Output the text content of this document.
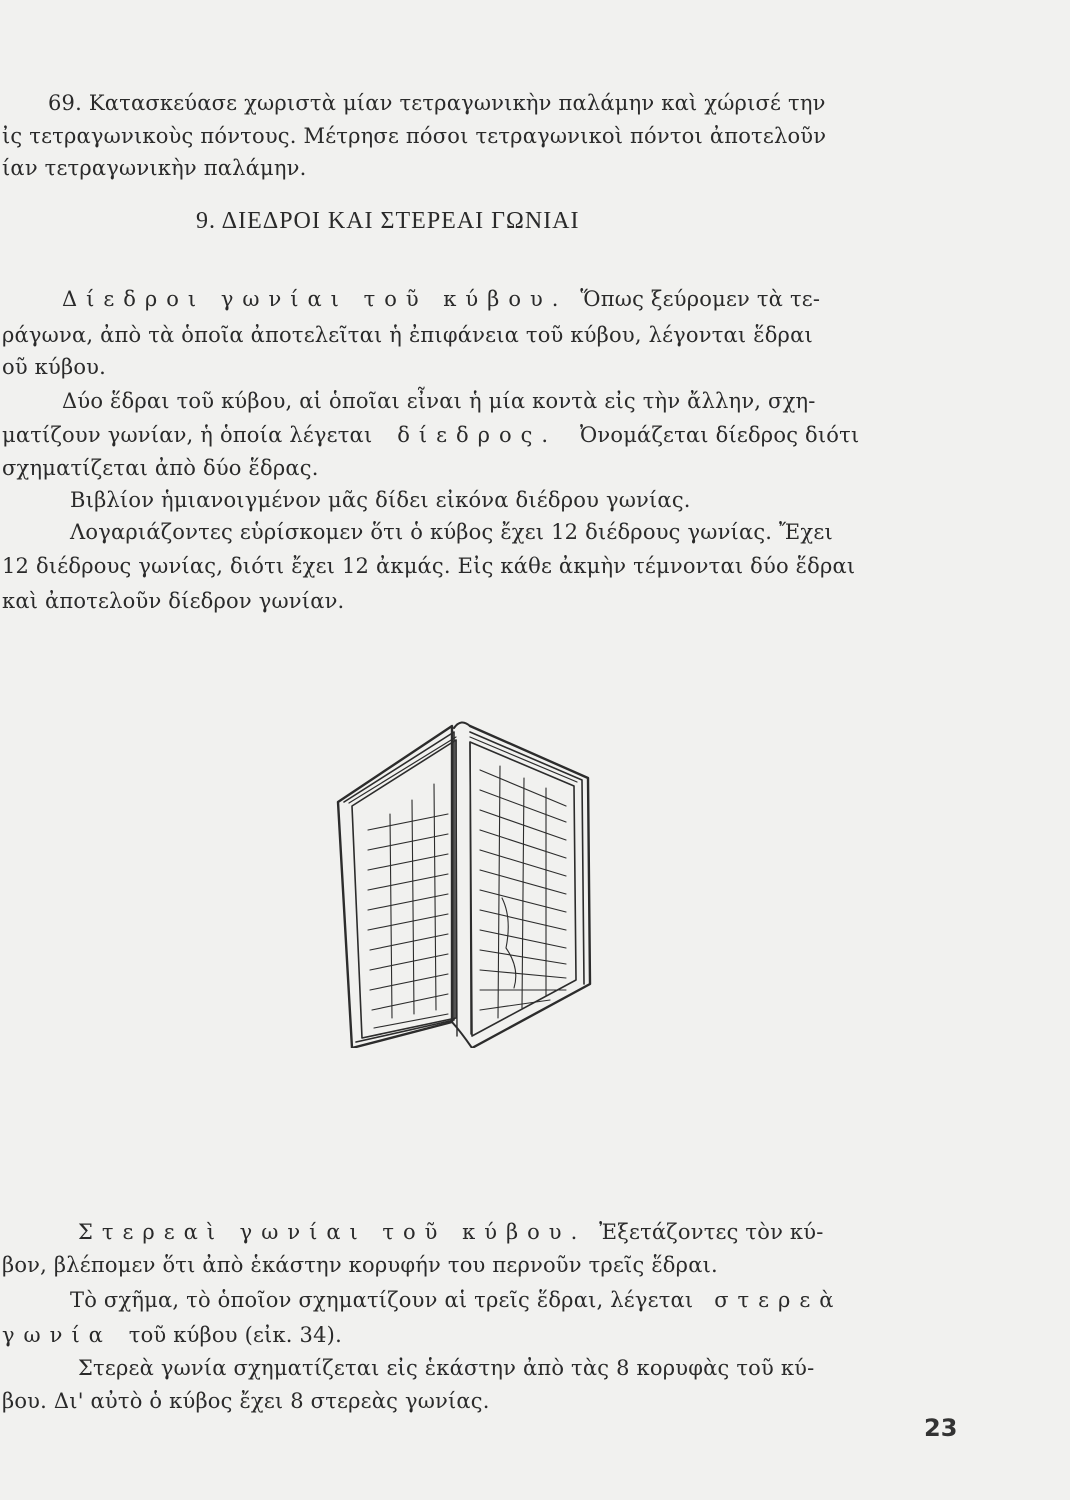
69. Κατασκεύασε χωριστὰ μίαν τετραγωνικὴν παλάμην καὶ χώρισέ την
ἰς τετραγωνικοὺς πόντους. Μέτρησε πόσοι τετραγωνικοὶ πόντοι ἀποτελοῦν
ίαν τετραγωνικὴν παλάμην.
9. ΔΙΕΔΡΟΙ ΚΑΙ ΣΤΕΡΕΑΙ ΓΩΝΙΑΙ
Δίεδροι γωνίαι τοῦ κύβου. Ὅπως ξεύρομεν τὰ τε-
ράγωνα, ἀπὸ τὰ ὁποῖα ἀποτελεῖται ἡ ἐπιφάνεια τοῦ κύβου, λέγονται ἕδραι
οῦ κύβου.
Δύο ἕδραι τοῦ κύβου, αἱ ὁποῖαι εἶναι ἡ μία κοντὰ εἰς τὴν ἄλλην, σχη-
ματίζουν γωνίαν, ἡ ὁποία λέγεται δίεδρος. Ὀνομάζεται δίεδρος διότι
σχηματίζεται ἀπὸ δύο ἕδρας.
Βιβλίον ἡμιανοιγμένον μᾶς δίδει εἰκόνα διέδρου γωνίας.
Λογαριάζοντες εὑρίσκομεν ὅτι ὁ κύβος ἔχει 12 διέδρους γωνίας. Ἔχει
12 διέδρους γωνίας, διότι ἔχει 12 ἀκμάς. Εἰς κάθε ἀκμὴν τέμνονται δύο ἕδραι
καὶ ἀποτελοῦν δίεδρον γωνίαν.
Στερεαὶ γωνίαι τοῦ κύβου. Ἐξετάζοντες τὸν κύ-
βον, βλέπομεν ὅτι ἀπὸ ἑκάστην κορυφήν του περνοῦν τρεῖς ἕδραι.
Τὸ σχῆμα, τὸ ὁποῖον σχηματίζουν αἱ τρεῖς ἕδραι, λέγεται στερεὰ
γωνία τοῦ κύβου (εἰκ. 34).
Στερεὰ γωνία σχηματίζεται εἰς ἑκάστην ἀπὸ τὰς 8 κορυφὰς τοῦ κύ-
βου. Δι' αὐτὸ ὁ κύβος ἔχει 8 στερεὰς γωνίας.
23
